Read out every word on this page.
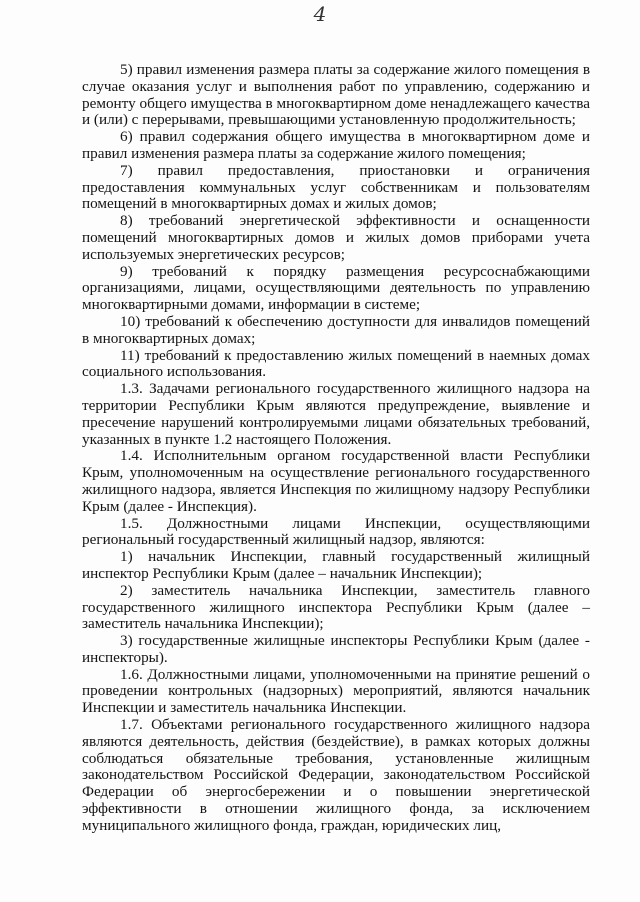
4

5) правил изменения размера платы за содержание жилого помещения в случае оказания услуг и выполнения работ по управлению, содержанию и ремонту общего имущества в многоквартирном доме ненадлежащего качества и (или) с перерывами, превышающими установленную продолжительность;

6) правил содержания общего имущества в многоквартирном доме и правил изменения размера платы за содержание жилого помещения;

7) правил предоставления, приостановки и ограничения предоставления коммунальных услуг собственникам и пользователям помещений в многоквартирных домах и жилых домов;

8) требований энергетической эффективности и оснащенности помещений многоквартирных домов и жилых домов приборами учета используемых энергетических ресурсов;

9) требований к порядку размещения ресурсоснабжающими организациями, лицами, осуществляющими деятельность по управлению многоквартирными домами, информации в системе;

10) требований к обеспечению доступности для инвалидов помещений в многоквартирных домах;

11) требований к предоставлению жилых помещений в наемных домах социального использования.

1.3. Задачами регионального государственного жилищного надзора на территории Республики Крым являются предупреждение, выявление и пресечение нарушений контролируемыми лицами обязательных требований, указанных в пункте 1.2 настоящего Положения.

1.4. Исполнительным органом государственной власти Республики Крым, уполномоченным на осуществление регионального государственного жилищного надзора, является Инспекция по жилищному надзору Республики Крым (далее - Инспекция).

1.5. Должностными лицами Инспекции, осуществляющими региональный государственный жилищный надзор, являются:

1) начальник Инспекции, главный государственный жилищный инспектор Республики Крым (далее – начальник Инспекции);

2) заместитель начальника Инспекции, заместитель главного государственного жилищного инспектора Республики Крым (далее – заместитель начальника Инспекции);

3) государственные жилищные инспекторы Республики Крым (далее - инспекторы).

1.6. Должностными лицами, уполномоченными на принятие решений о проведении контрольных (надзорных) мероприятий, являются начальник Инспекции и заместитель начальника Инспекции.

1.7. Объектами регионального государственного жилищного надзора являются деятельность, действия (бездействие), в рамках которых должны соблюдаться обязательные требования, установленные жилищным законодательством Российской Федерации, законодательством Российской Федерации об энергосбережении и о повышении энергетической эффективности в отношении жилищного фонда, за исключением муниципального жилищного фонда, граждан, юридических лиц,
